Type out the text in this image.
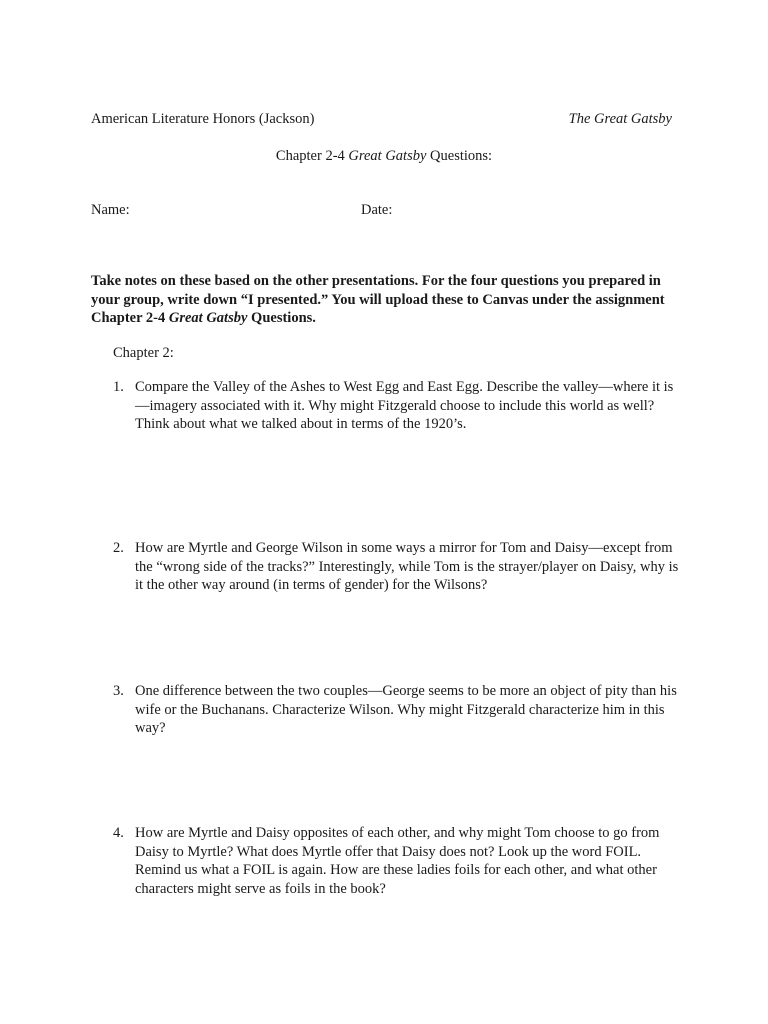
American Literature Honors (Jackson)	The Great Gatsby
Chapter 2-4 Great Gatsby Questions:
Name:	Date:
Take notes on these based on the other presentations. For the four questions you prepared in your group, write down “I presented.” You will upload these to Canvas under the assignment Chapter 2-4 Great Gatsby Questions.
Chapter 2:
1. Compare the Valley of the Ashes to West Egg and East Egg. Describe the valley—where it is—imagery associated with it. Why might Fitzgerald choose to include this world as well? Think about what we talked about in terms of the 1920’s.
2. How are Myrtle and George Wilson in some ways a mirror for Tom and Daisy—except from the “wrong side of the tracks?” Interestingly, while Tom is the strayer/player on Daisy, why is it the other way around (in terms of gender) for the Wilsons?
3. One difference between the two couples—George seems to be more an object of pity than his wife or the Buchanans. Characterize Wilson. Why might Fitzgerald characterize him in this way?
4. How are Myrtle and Daisy opposites of each other, and why might Tom choose to go from Daisy to Myrtle? What does Myrtle offer that Daisy does not? Look up the word FOIL. Remind us what a FOIL is again. How are these ladies foils for each other, and what other characters might serve as foils in the book?
